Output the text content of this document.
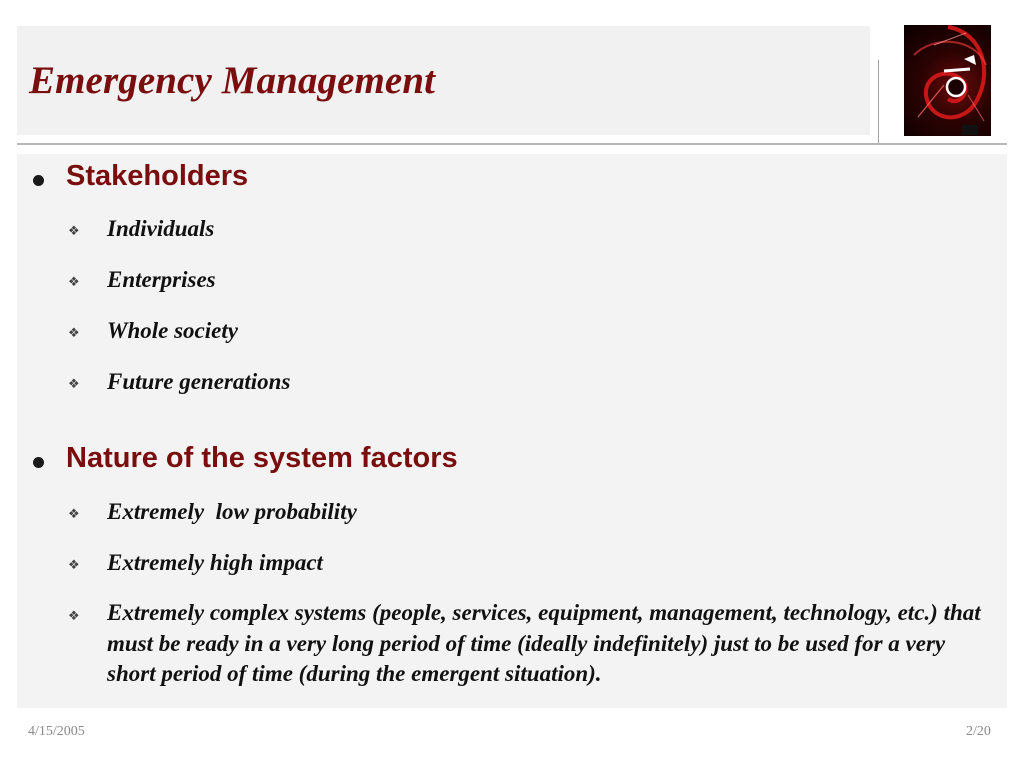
Emergency Management
Stakeholders
❖ Individuals
❖ Enterprises
❖ Whole society
❖ Future generations
Nature of the system factors
❖ Extremely  low probability
❖ Extremely high impact
❖ Extremely complex systems (people, services, equipment, management, technology, etc.) that must be ready in a very long period of time (ideally indefinitely) just to be used for a very short period of time (during the emergent situation).
4/15/2005	2/20
